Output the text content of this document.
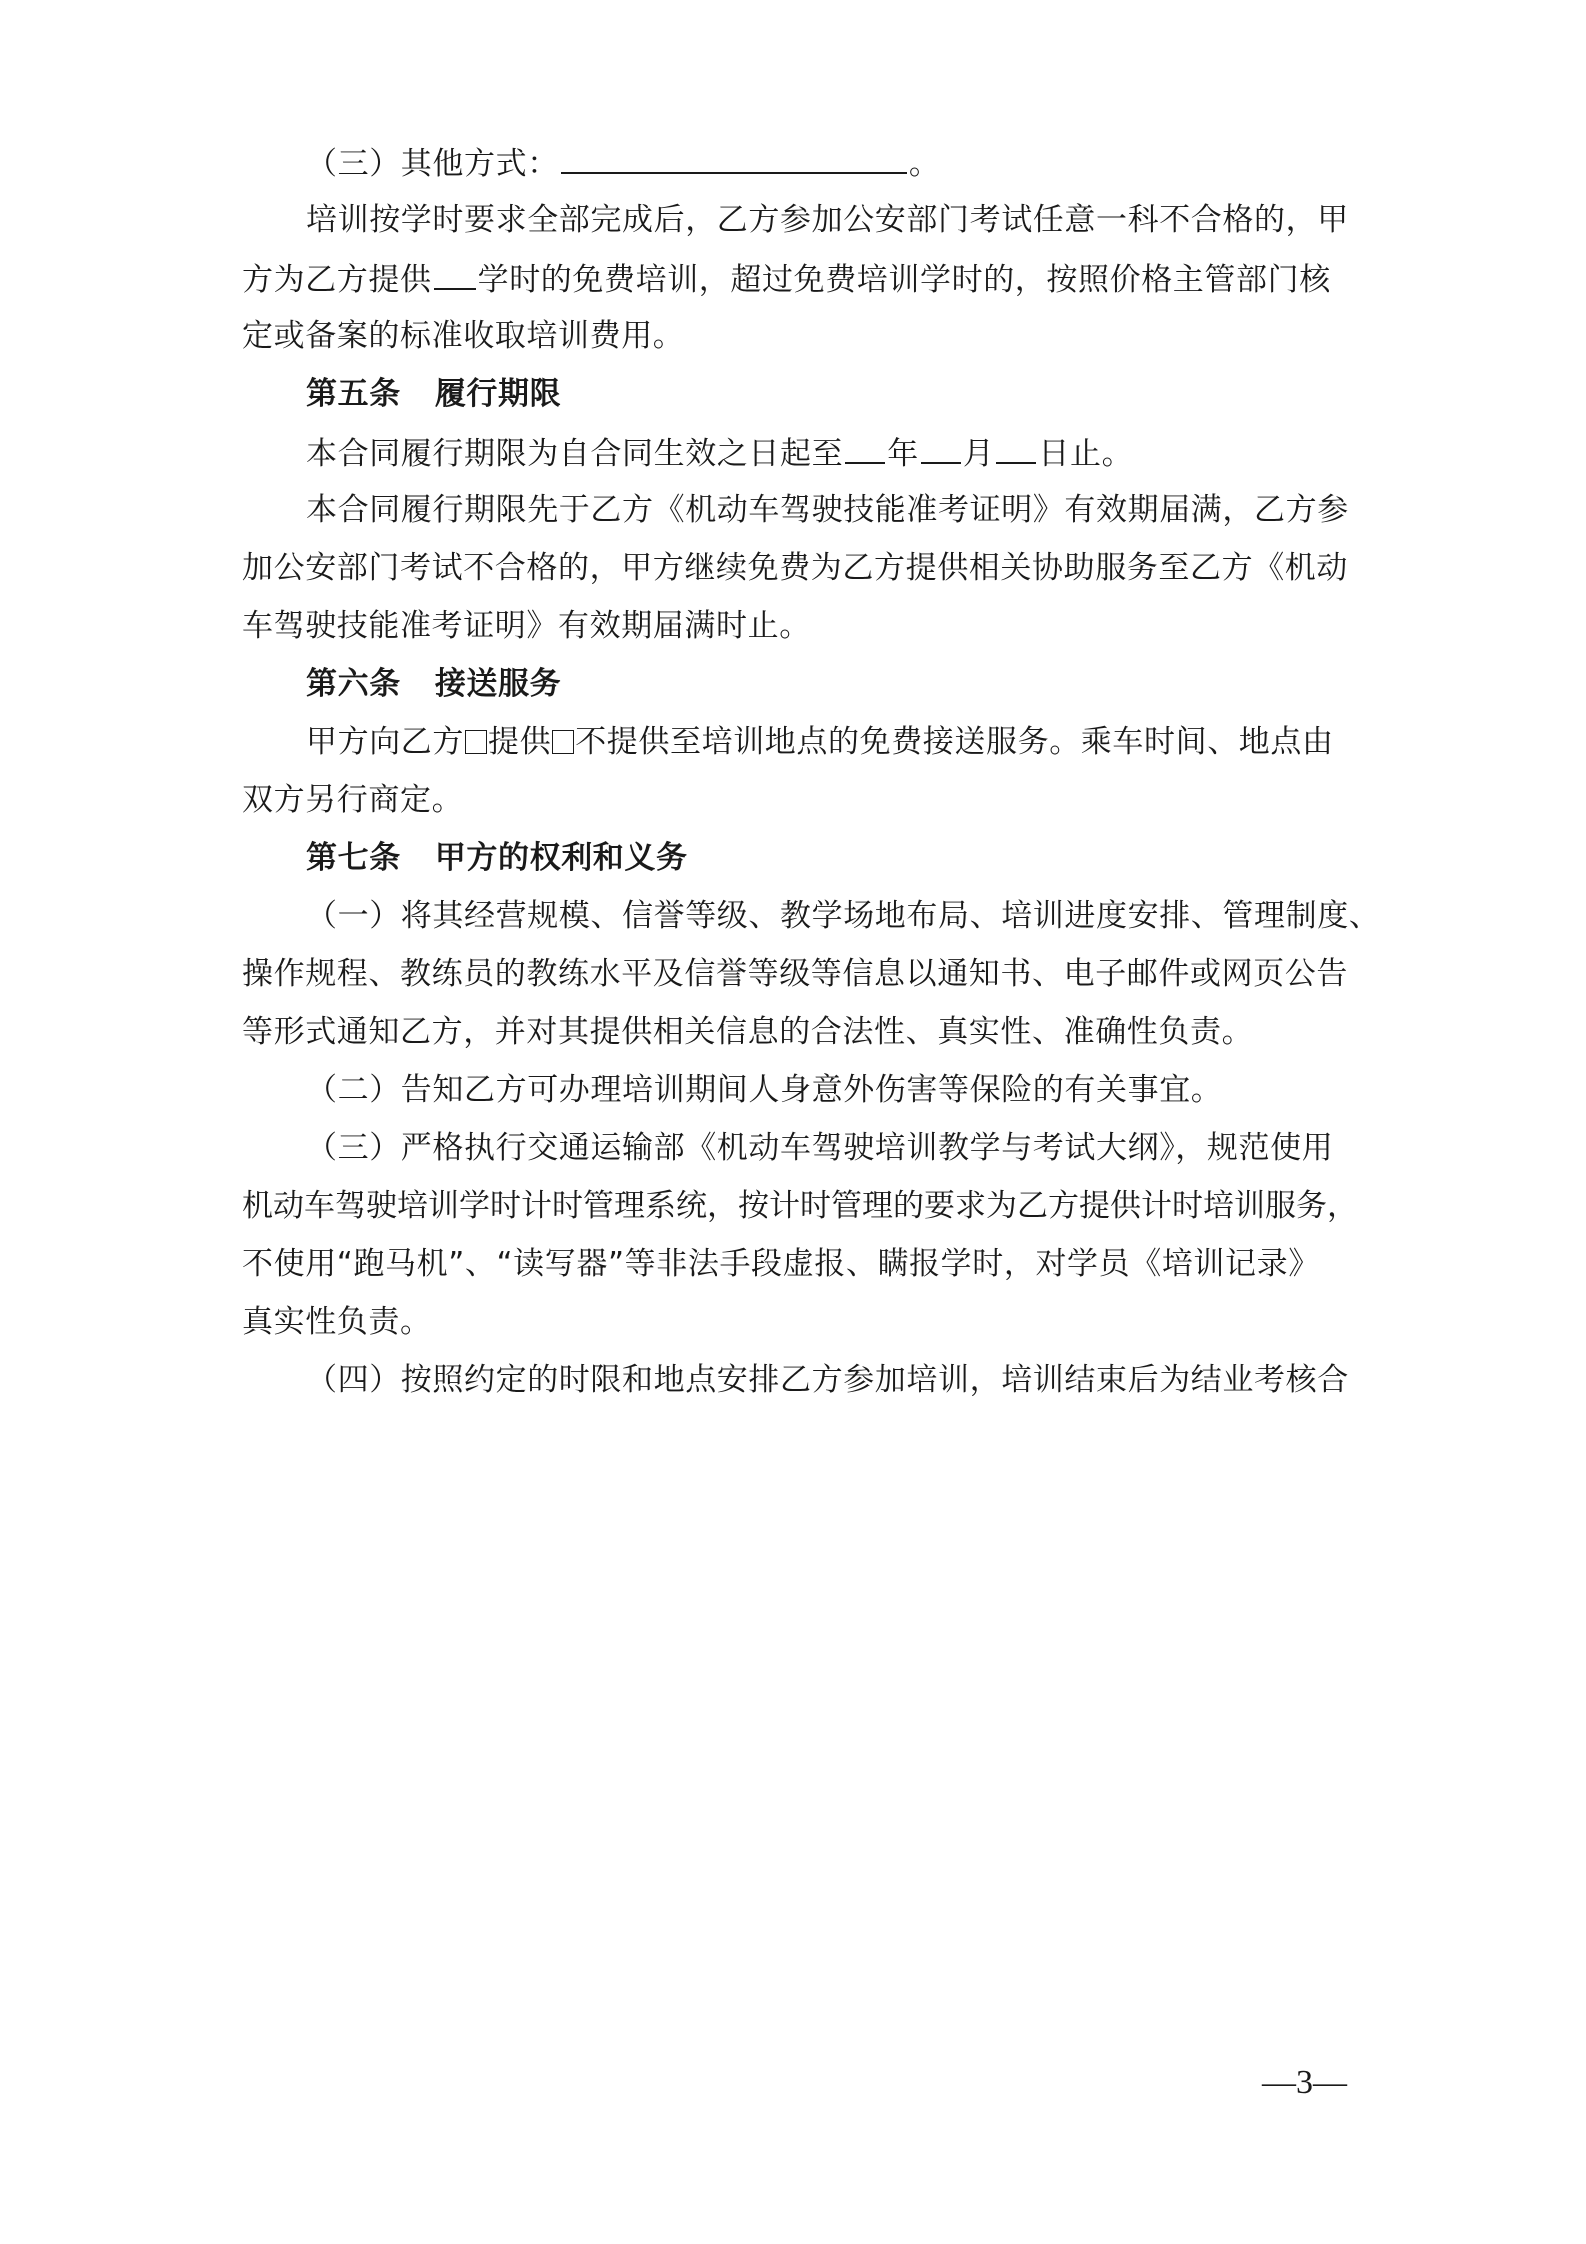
（三）其他方式：	。
培训按学时要求全部完成后，乙方参加公安部门考试任意一科不合格的，甲
方为乙方提供 学时的免费培训，超过免费培训学时的，按照价格主管部门核
定或备案的标准收取培训费用。
第五条 履行期限
本合同履行期限为自合同生效之日起至 年 月 日止。
本合同履行期限先于乙方《机动车驾驶技能准考证明》有效期届满，乙方参
加公安部门考试不合格的，甲方继续免费为乙方提供相关协助服务至乙方《机动
车驾驶技能准考证明》有效期届满时止。
第六条 接送服务
甲方向乙方 提供 不提供至培训地点的免费接送服务。乘车时间、地点由
双方另行商定。
第七条 甲方的权利和义务
（一）将其经营规模、信誉等级、教学场地布局、培训进度安排、管理制度、
操作规程、教练员的教练水平及信誉等级等信息以通知书、电子邮件或网页公告
等形式通知乙方，并对其提供相关信息的合法性、真实性、准确性负责。
（二）告知乙方可办理培训期间人身意外伤害等保险的有关事宜。
（三）严格执行交通运输部《机动车驾驶培训教学与考试大纲》，规范使用
机动车驾驶培训学时计时管理系统，按计时管理的要求为乙方提供计时培训服务，
不使用“跑马机”、“读写器”等非法手段虚报、瞒报学时，对学员《培训记录》
真实性负责。
（四）按照约定的时限和地点安排乙方参加培训，培训结束后为结业考核合
—3—
